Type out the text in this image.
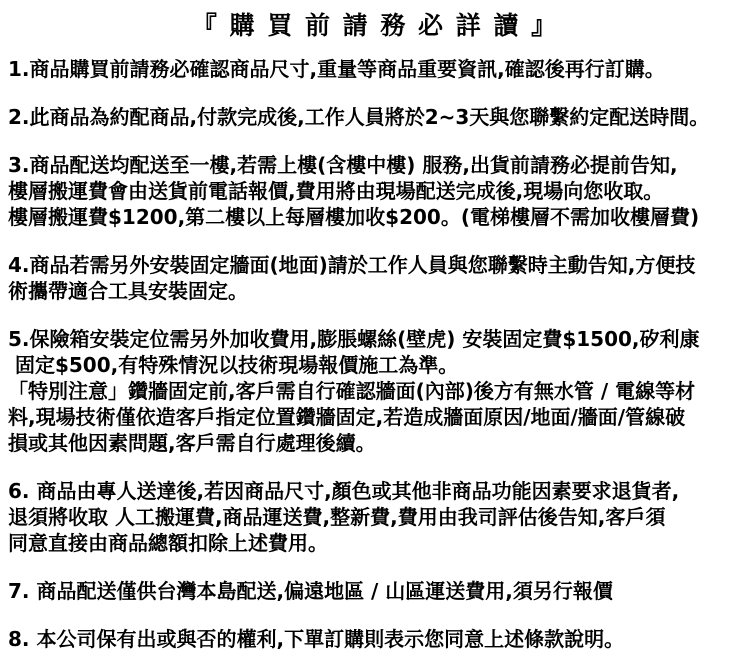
『 購 買 前 請 務 必 詳 讀 』
1.商品購買前請務必確認商品尺寸,重量等商品重要資訊,確認後再行訂購。
2.此商品為約配商品,付款完成後,工作人員將於2~3天與您聯繫約定配送時間。
3.商品配送均配送至一樓,若需上樓(含樓中樓) 服務,出貨前請務必提前告知,
樓層搬運費會由送貨前電話報價,費用將由現場配送完成後,現場向您收取。
樓層搬運費$1200,第二樓以上每層樓加收$200。(電梯樓層不需加收樓層費)
4.商品若需另外安裝固定牆面(地面)請於工作人員與您聯繫時主動告知,方便技
術攜帶適合工具安裝固定。
5.保險箱安裝定位需另外加收費用,膨脹螺絲(壁虎) 安裝固定費$1500,矽利康
固定$500,有特殊情況以技術現場報價施工為準。
「特別注意」鑽牆固定前,客戶需自行確認牆面(內部)後方有無水管 / 電線等材
料,現場技術僅依造客戶指定位置鑽牆固定,若造成牆面原因/地面/牆面/管線破
損或其他因素問題,客戶需自行處理後續。
6. 商品由專人送達後,若因商品尺寸,顏色或其他非商品功能因素要求退貨者,
退須將收取 人工搬運費,商品運送費,整新費,費用由我司評估後告知,客戶須
同意直接由商品總額扣除上述費用。
7. 商品配送僅供台灣本島配送,偏遠地區 / 山區運送費用,須另行報價
8. 本公司保有出或與否的權利,下單訂購則表示您同意上述條款說明。
